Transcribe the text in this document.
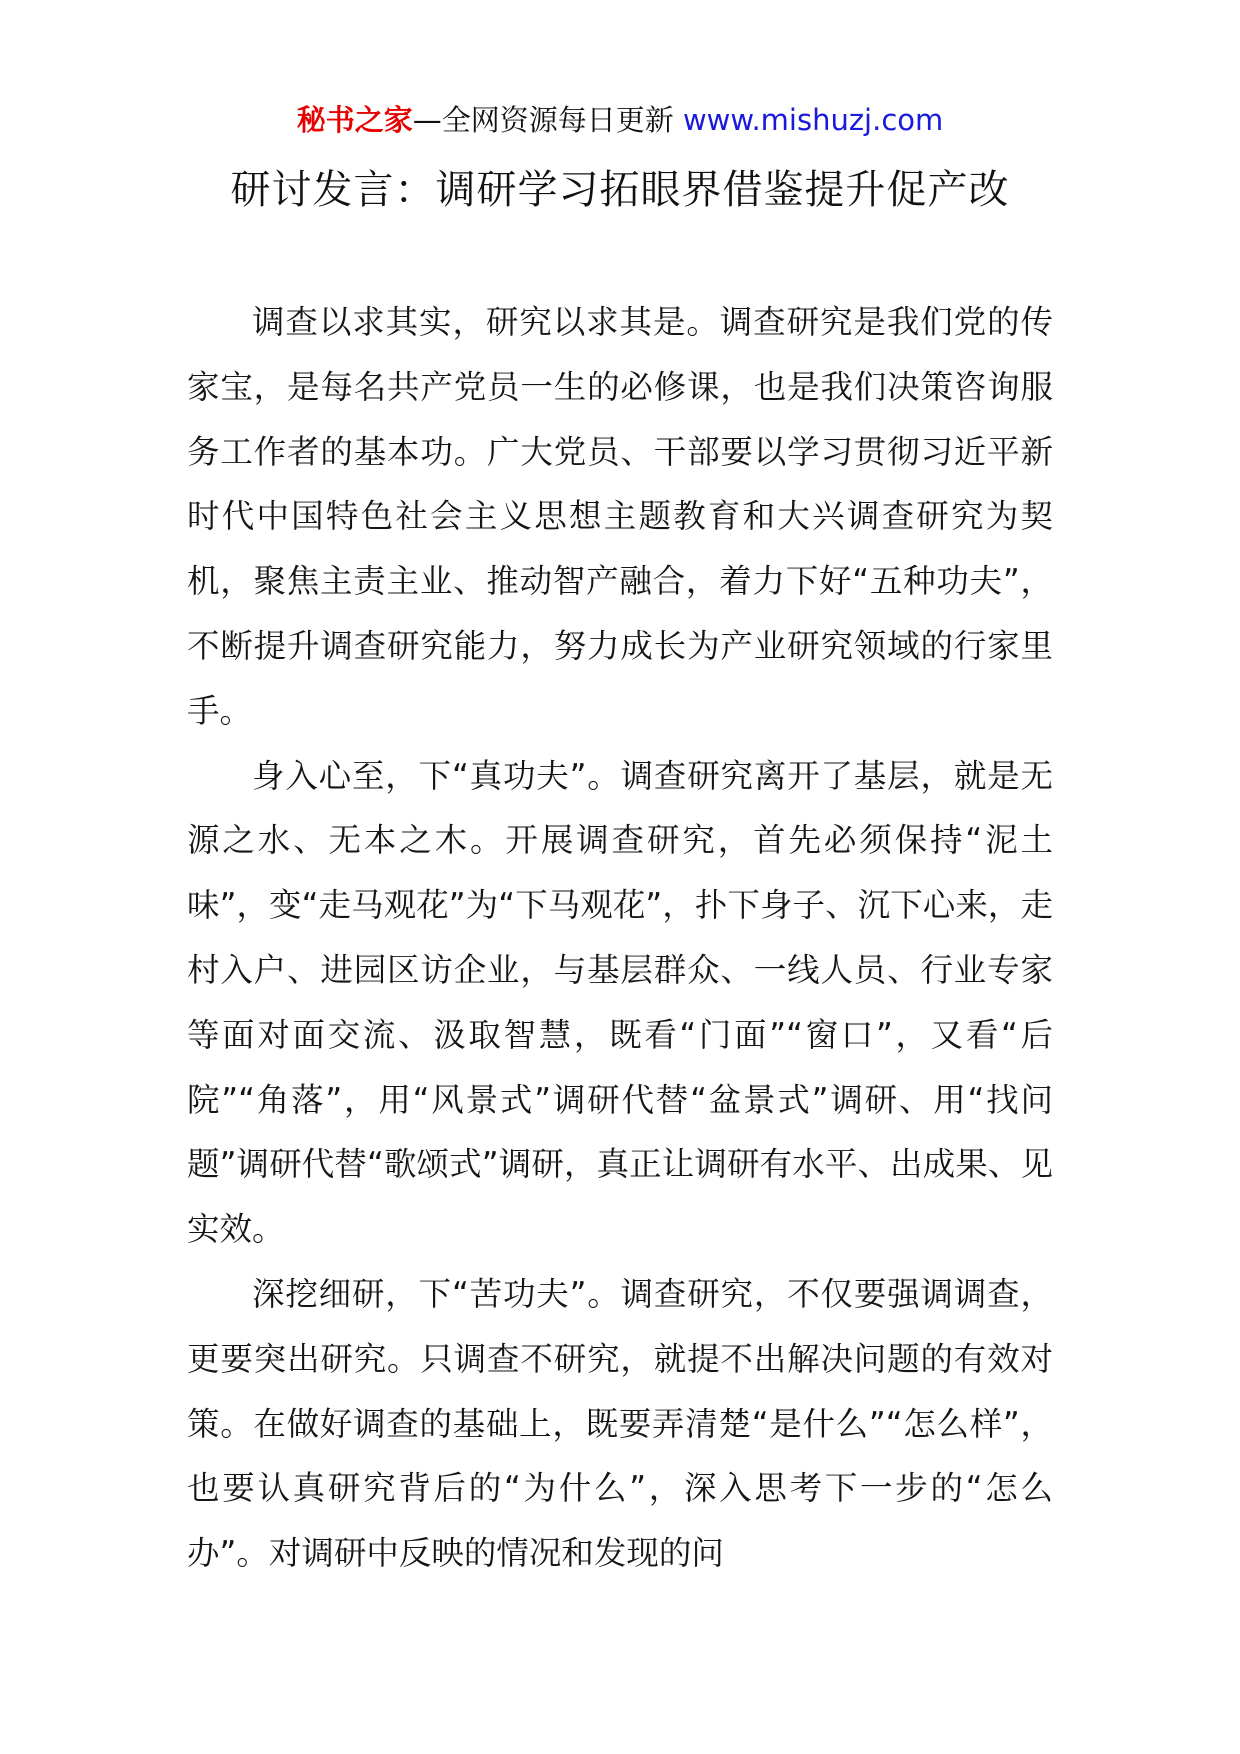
秘书之家—全网资源每日更新 www.mishuzj.com
研讨发言：调研学习拓眼界借鉴提升促产改

调查以求其实，研究以求其是。调查研究是我们党的传家宝，是每名共产党员一生的必修课，也是我们决策咨询服务工作者的基本功。广大党员、干部要以学习贯彻习近平新时代中国特色社会主义思想主题教育和大兴调查研究为契机，聚焦主责主业、推动智产融合，着力下好“五种功夫”，不断提升调查研究能力，努力成长为产业研究领域的行家里手。

身入心至，下“真功夫”。调查研究离开了基层，就是无源之水、无本之木。开展调查研究，首先必须保持“泥土味”，变“走马观花”为“下马观花”，扑下身子、沉下心来，走村入户、进园区访企业，与基层群众、一线人员、行业专家等面对面交流、汲取智慧，既看“门面”“窗口”，又看“后院”“角落”，用“风景式”调研代替“盆景式”调研、用“找问题”调研代替“歌颂式”调研，真正让调研有水平、出成果、见实效。

深挖细研，下“苦功夫”。调查研究，不仅要强调调查，更要突出研究。只调查不研究，就提不出解决问题的有效对策。在做好调查的基础上，既要弄清楚“是什么”“怎么样”，也要认真研究背后的“为什么”，深入思考下一步的“怎么办”。对调研中反映的情况和发现的问
